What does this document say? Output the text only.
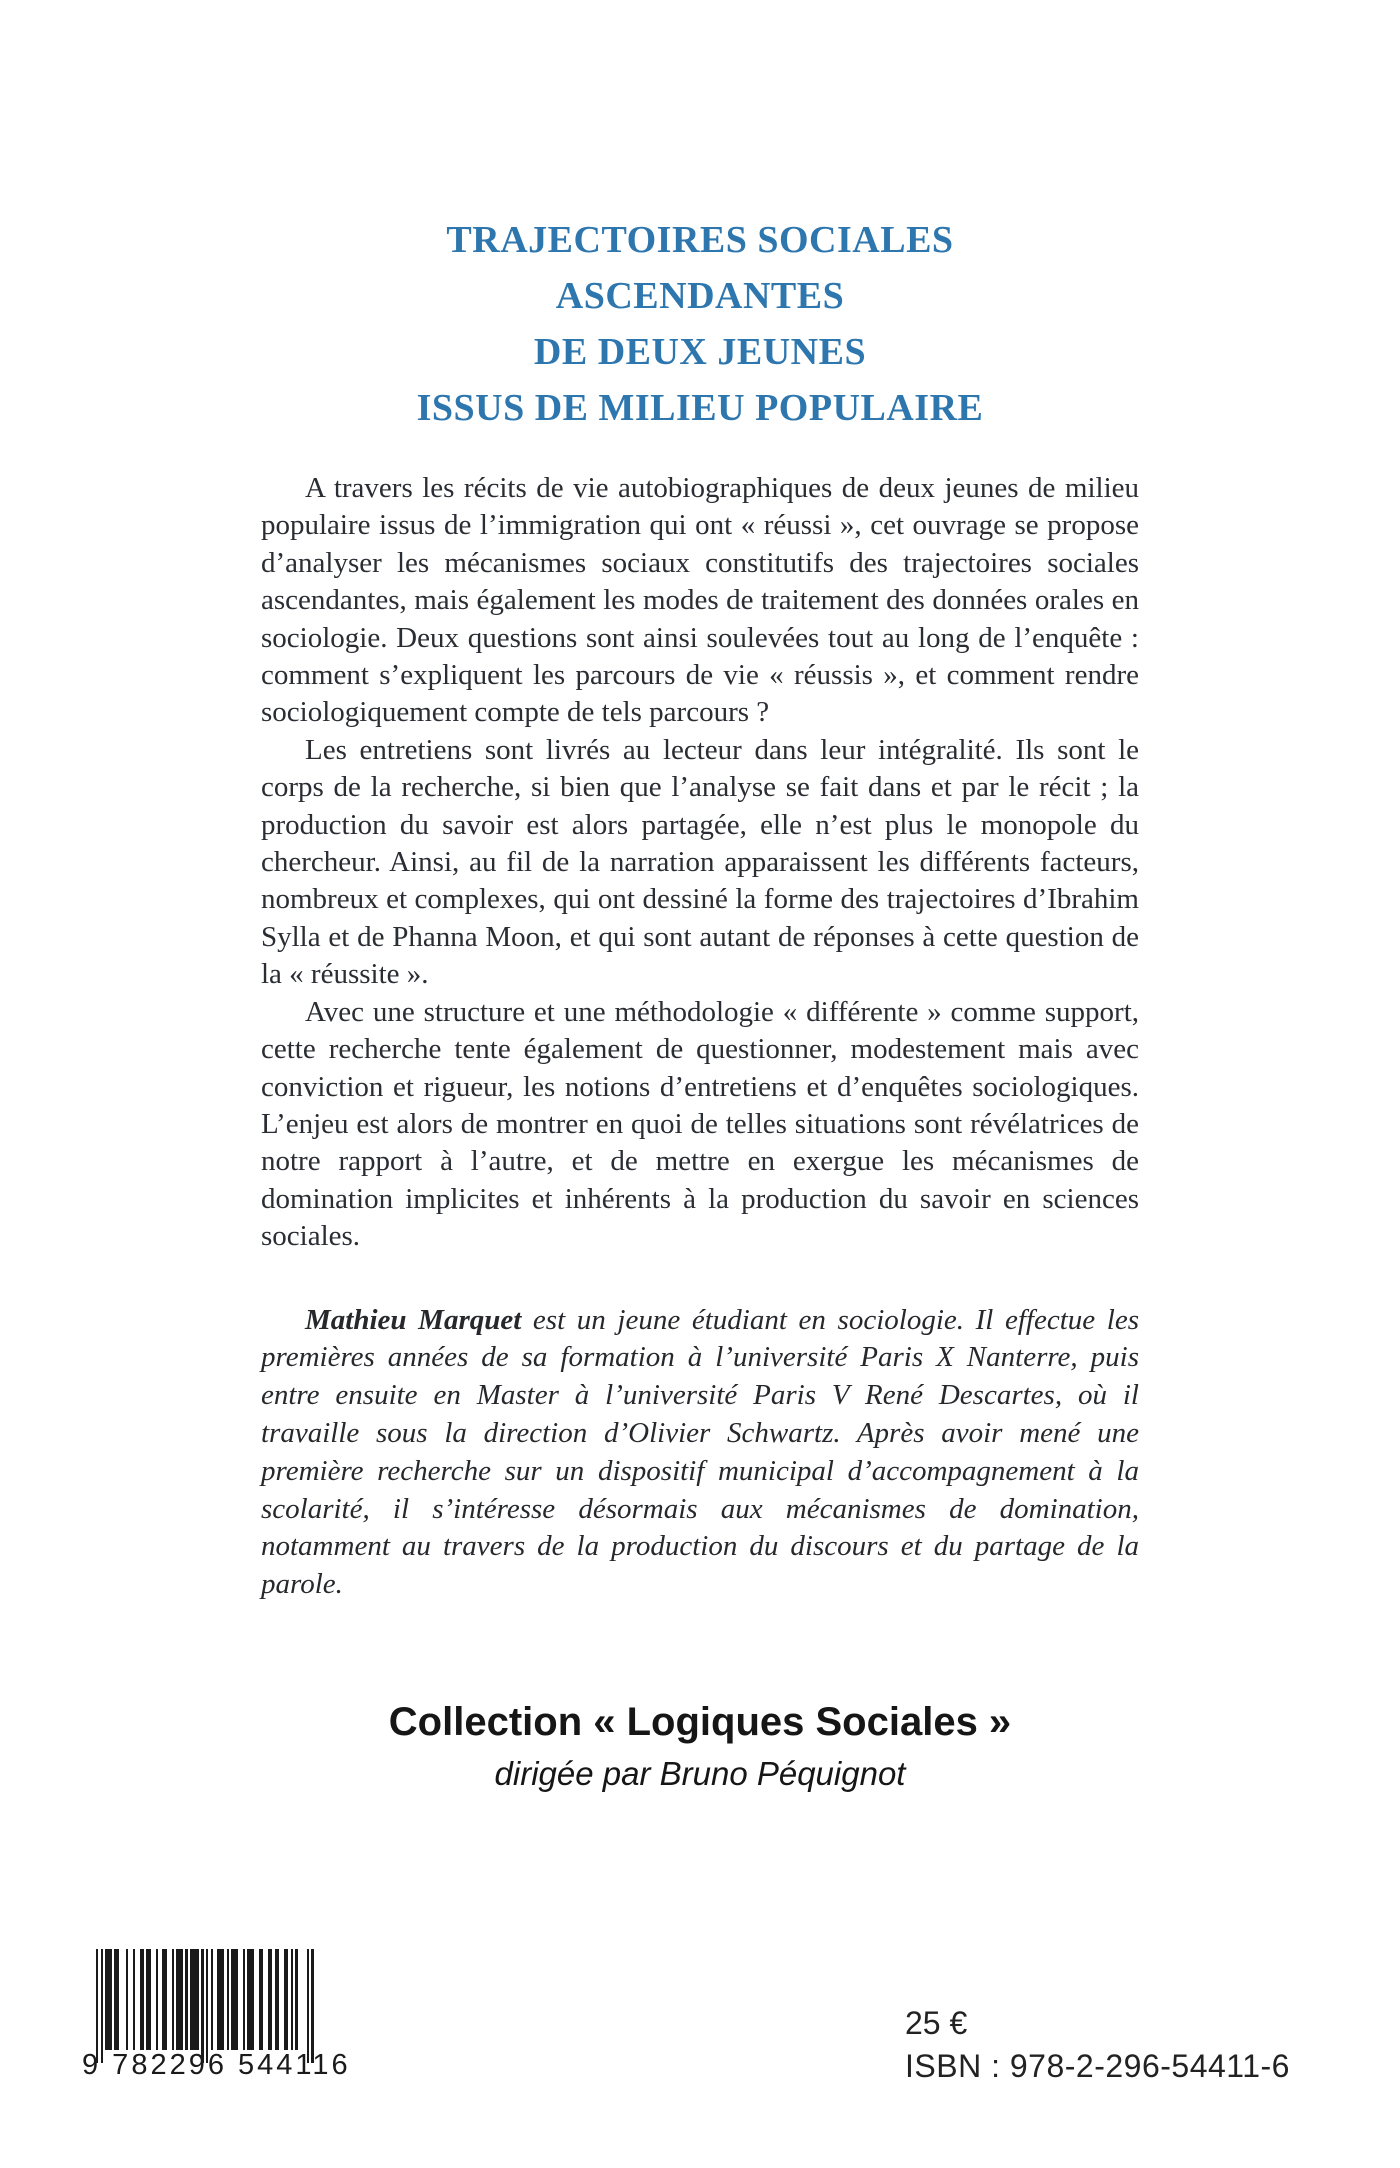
TRAJECTOIRES SOCIALES
ASCENDANTES
DE DEUX JEUNES
ISSUS DE MILIEU POPULAIRE

A travers les récits de vie autobiographiques de deux jeunes de milieu populaire issus de l’immigration qui ont « réussi », cet ouvrage se propose d’analyser les mécanismes sociaux constitutifs des trajectoires sociales ascendantes, mais également les modes de traitement des données orales en sociologie. Deux questions sont ainsi soulevées tout au long de l’enquête : comment s’expliquent les parcours de vie « réussis », et comment rendre sociologiquement compte de tels parcours ?

Les entretiens sont livrés au lecteur dans leur intégralité. Ils sont le corps de la recherche, si bien que l’analyse se fait dans et par le récit ; la production du savoir est alors partagée, elle n’est plus le monopole du chercheur. Ainsi, au fil de la narration apparaissent les différents facteurs, nombreux et complexes, qui ont dessiné la forme des trajectoires d’Ibrahim Sylla et de Phanna Moon, et qui sont autant de réponses à cette question de la « réussite ».

Avec une structure et une méthodologie « différente » comme support, cette recherche tente également de questionner, modestement mais avec conviction et rigueur, les notions d’entretiens et d’enquêtes sociologiques. L’enjeu est alors de montrer en quoi de telles situations sont révélatrices de notre rapport à l’autre, et de mettre en exergue les mécanismes de domination implicites et inhérents à la production du savoir en sciences sociales.

Mathieu Marquet est un jeune étudiant en sociologie. Il effectue les premières années de sa formation à l’université Paris X Nanterre, puis entre ensuite en Master à l’université Paris V René Descartes, où il travaille sous la direction d’Olivier Schwartz. Après avoir mené une première recherche sur un dispositif municipal d’accompagnement à la scolarité, il s’intéresse désormais aux mécanismes de domination, notamment au travers de la production du discours et du partage de la parole.

Collection « Logiques Sociales »

dirigée par Bruno Péquignot

9 782296 544116

25 €

ISBN : 978-2-296-54411-6
